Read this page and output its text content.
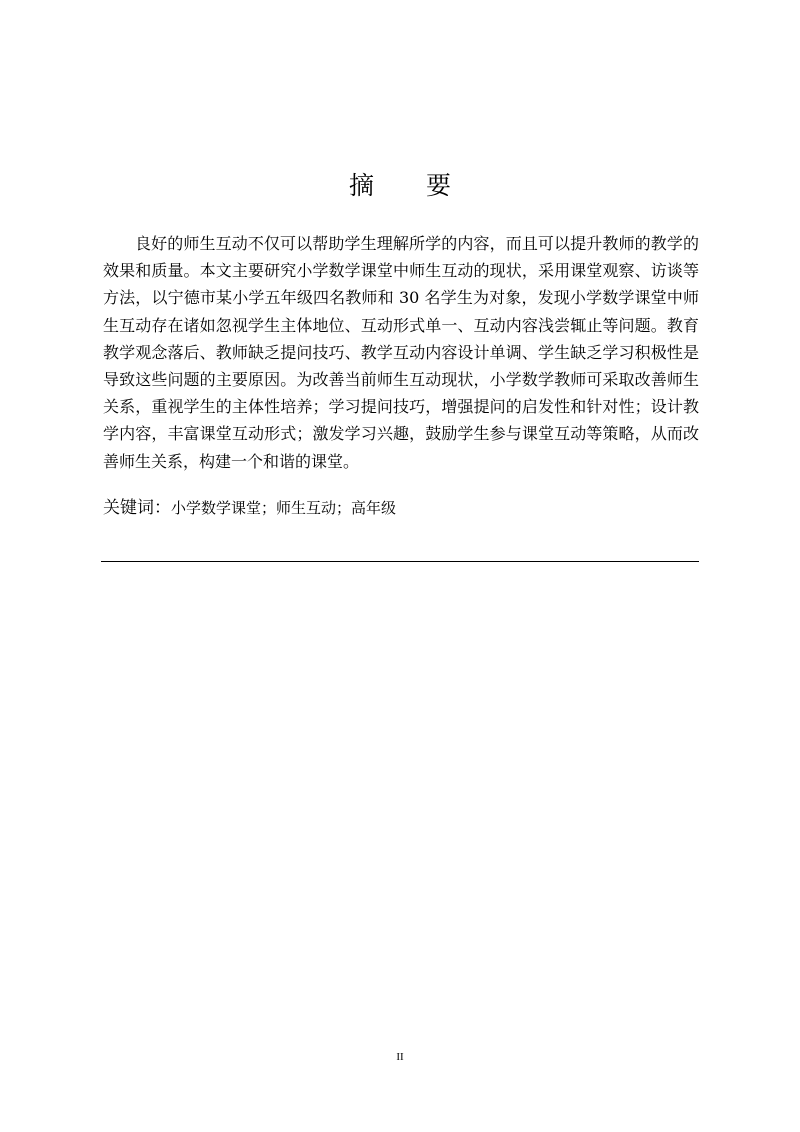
摘 要

良好的师生互动不仅可以帮助学生理解所学的内容，而且可以提升教师的教学的效果和质量。本文主要研究小学数学课堂中师生互动的现状，采用课堂观察、访谈等方法，以宁德市某小学五年级四名教师和 30 名学生为对象，发现小学数学课堂中师生互动存在诸如忽视学生主体地位、互动形式单一、互动内容浅尝辄止等问题。教育教学观念落后、教师缺乏提问技巧、教学互动内容设计单调、学生缺乏学习积极性是导致这些问题的主要原因。为改善当前师生互动现状，小学数学教师可采取改善师生关系，重视学生的主体性培养；学习提问技巧，增强提问的启发性和针对性；设计教学内容，丰富课堂互动形式；激发学习兴趣，鼓励学生参与课堂互动等策略，从而改善师生关系，构建一个和谐的课堂。

关键词：小学数学课堂；师生互动；高年级

II
